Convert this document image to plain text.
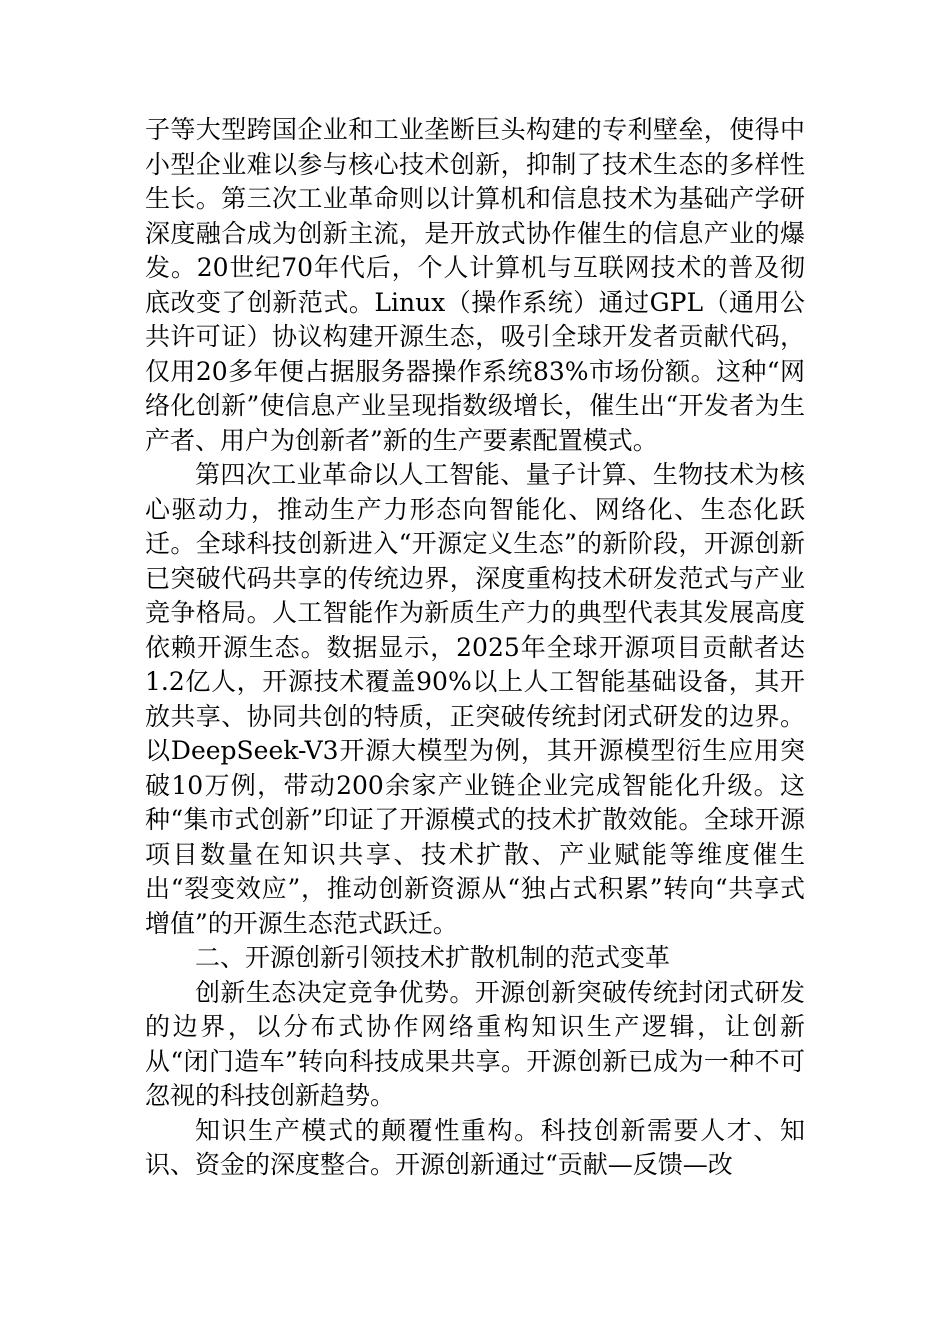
子等大型跨国企业和工业垄断巨头构建的专利壁垒，使得中小型企业难以参与核心技术创新，抑制了技术生态的多样性生长。第三次工业革命则以计算机和信息技术为基础产学研深度融合成为创新主流，是开放式协作催生的信息产业的爆发。20世纪70年代后，个人计算机与互联网技术的普及彻底改变了创新范式。Linux（操作系统）通过GPL（通用公共许可证）协议构建开源生态，吸引全球开发者贡献代码，仅用20多年便占据服务器操作系统83%市场份额。这种“网络化创新”使信息产业呈现指数级增长，催生出“开发者为生产者、用户为创新者”新的生产要素配置模式。

第四次工业革命以人工智能、量子计算、生物技术为核心驱动力，推动生产力形态向智能化、网络化、生态化跃迁。全球科技创新进入“开源定义生态”的新阶段，开源创新已突破代码共享的传统边界，深度重构技术研发范式与产业竞争格局。人工智能作为新质生产力的典型代表其发展高度依赖开源生态。数据显示，2025年全球开源项目贡献者达1.2亿人，开源技术覆盖90%以上人工智能基础设备，其开放共享、协同共创的特质，正突破传统封闭式研发的边界。以DeepSeek-V3开源大模型为例，其开源模型衍生应用突破10万例，带动200余家产业链企业完成智能化升级。这种“集市式创新”印证了开源模式的技术扩散效能。全球开源项目数量在知识共享、技术扩散、产业赋能等维度催生出“裂变效应”，推动创新资源从“独占式积累”转向“共享式增值”的开源生态范式跃迁。

二、开源创新引领技术扩散机制的范式变革

创新生态决定竞争优势。开源创新突破传统封闭式研发的边界，以分布式协作网络重构知识生产逻辑，让创新从“闭门造车”转向科技成果共享。开源创新已成为一种不可忽视的科技创新趋势。

知识生产模式的颠覆性重构。科技创新需要人才、知识、资金的深度整合。开源创新通过“贡献—反馈—改
